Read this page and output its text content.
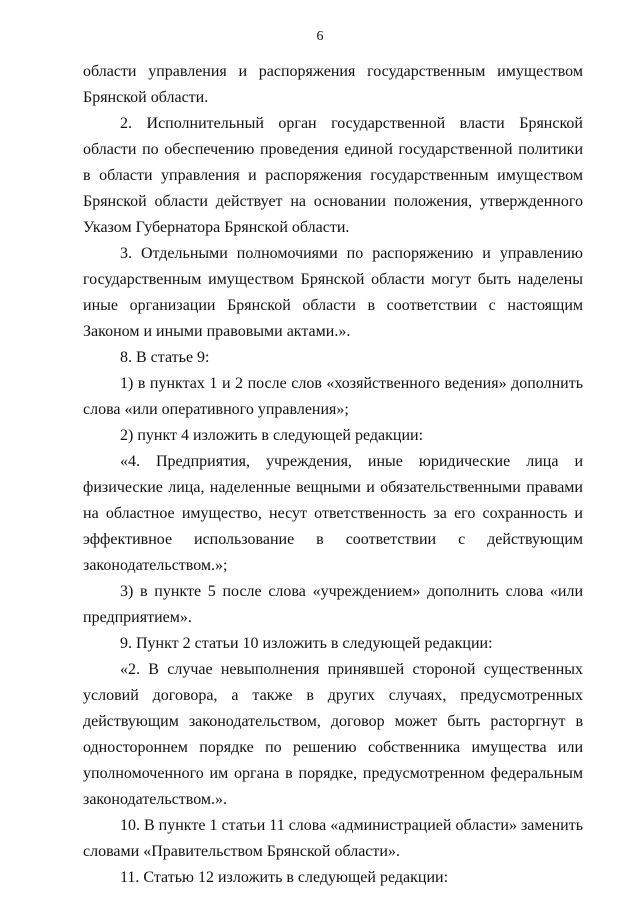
6

области управления и распоряжения государственным имуществом Брянской области.

2. Исполнительный орган государственной власти Брянской области по обеспечению проведения единой государственной политики в области управления и распоряжения государственным имуществом Брянской области действует на основании положения, утвержденного Указом Губернатора Брянской области.

3. Отдельными полномочиями по распоряжению и управлению государственным имуществом Брянской области могут быть наделены иные организации Брянской области в соответствии с настоящим Законом и иными правовыми актами.».

8. В статье 9:

1) в пунктах 1 и 2 после слов «хозяйственного ведения» дополнить слова «или оперативного управления»;

2) пункт 4 изложить в следующей редакции:

«4. Предприятия, учреждения, иные юридические лица и физические лица, наделенные вещными и обязательственными правами на областное имущество, несут ответственность за его сохранность и эффективное использование в соответствии с действующим законодательством.»;

3) в пункте 5 после слова «учреждением» дополнить слова «или предприятием».

9. Пункт 2 статьи 10 изложить в следующей редакции:

«2. В случае невыполнения принявшей стороной существенных условий договора, а также в других случаях, предусмотренных действующим законодательством, договор может быть расторгнут в одностороннем порядке по решению собственника имущества или уполномоченного им органа в порядке, предусмотренном федеральным законодательством.».

10. В пункте 1 статьи 11 слова «администрацией области» заменить словами «Правительством Брянской области».

11. Статью 12 изложить в следующей редакции:
